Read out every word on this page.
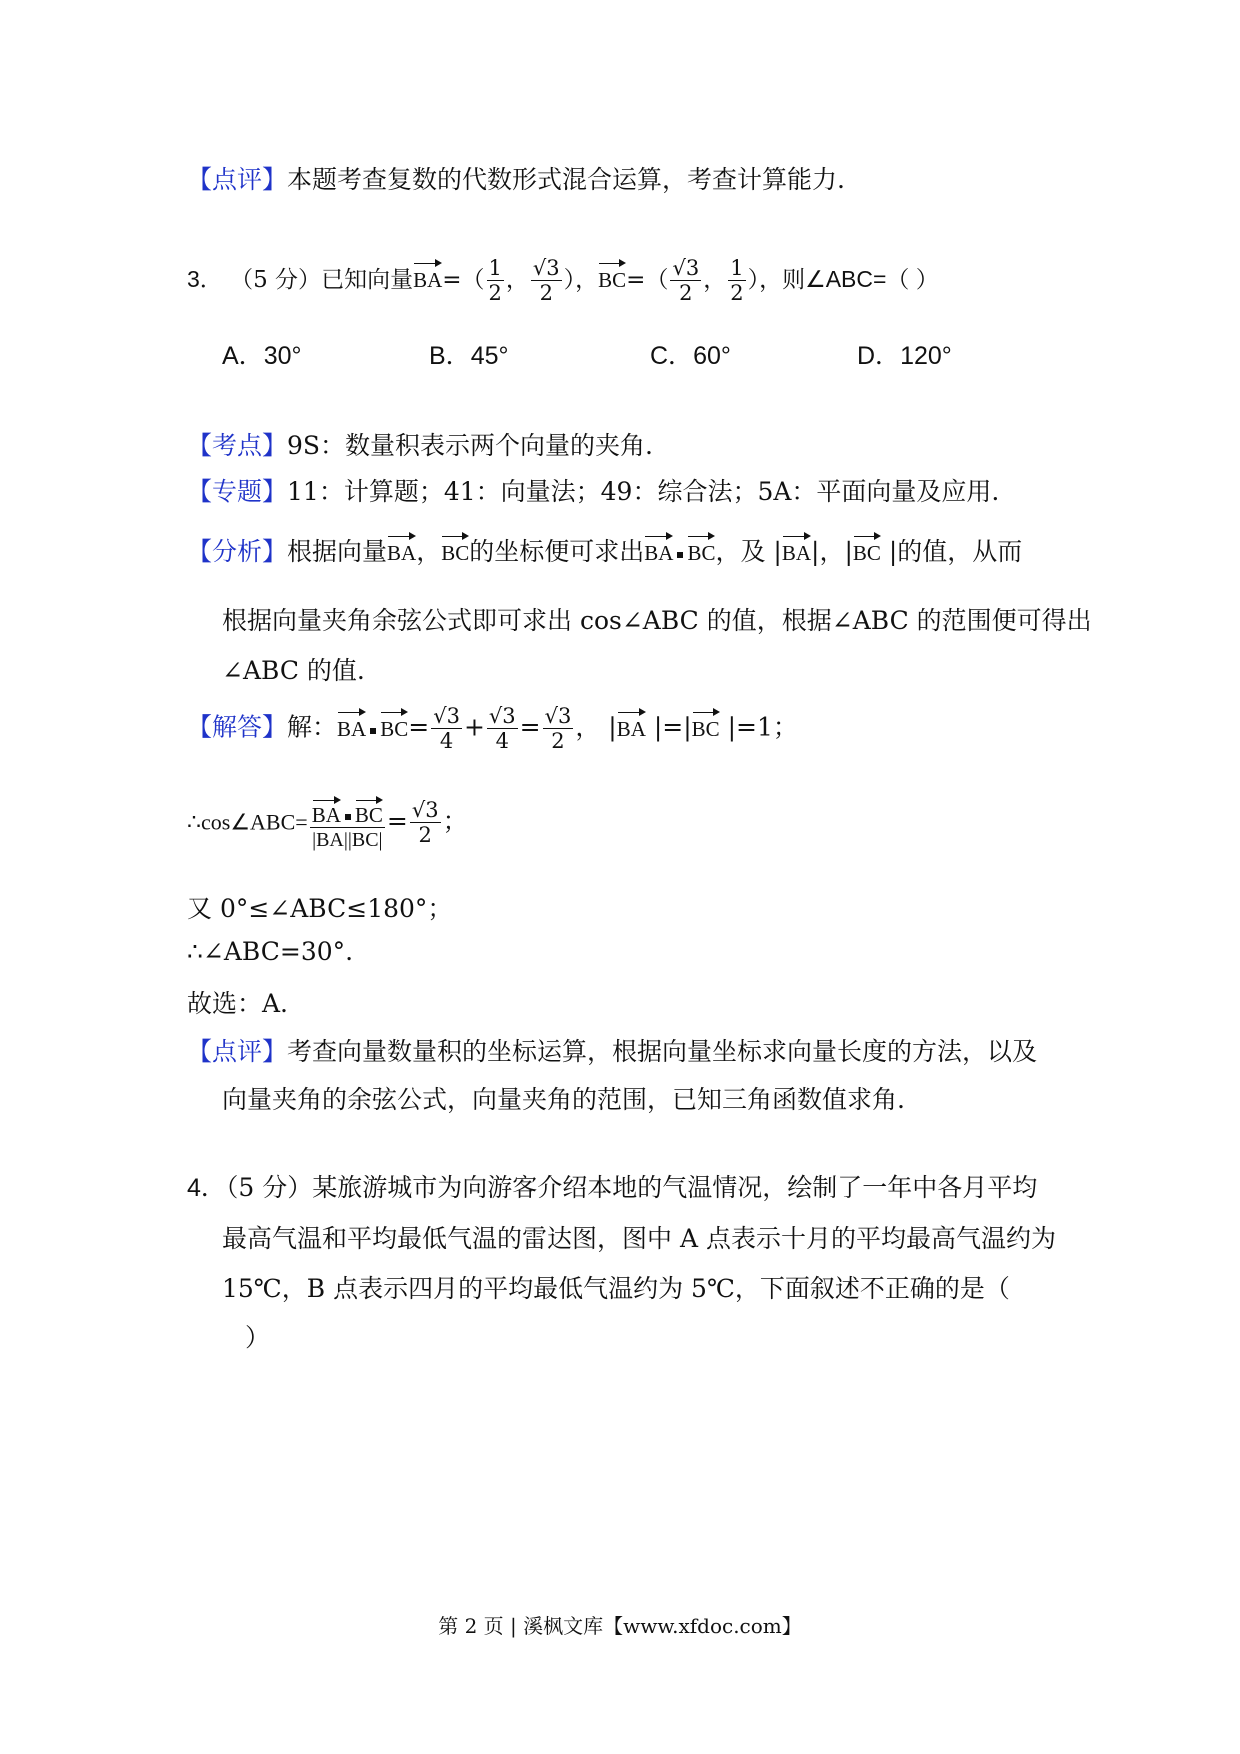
【点评】本题考查复数的代数形式混合运算，考查计算能力.
3． （5 分）已知向量$BA=( \frac{1}{2}$ ， $\frac{√3}{2}$ ），$BC=( \frac{√3}{2}$ ， $\frac{1}{2}$ ），则∠ABC=（ ）
A．30°	B．45°	C．60°	D．120°
【考点】9S：数量积表示两个向量的夹角.
【专题】11：计算题；41：向量法；49：综合法；5A：平面向量及应用.
【分析】根据向量BA，BC的坐标便可求出BA BC，及 |BA|，|BC |的值，从而
根据向量夹角余弦公式即可求出 cos∠ABC 的值，根据∠ABC 的范围便可得出
∠ABC 的值.
【解答】解：BA $BC= \frac{√3}{4} + \frac{√3}{4} = \frac{√3}{2}$ ， |BA |=|BC |=1；
∴cos∠ABC= $\frac{\text{BA BC}}{|BA||BC|} = \frac{√3}{2}$ ；
又 0°≤∠ABC≤180°；
∴∠ABC=30°.
故选：A.
【点评】考查向量数量积的坐标运算，根据向量坐标求向量长度的方法，以及
向量夹角的余弦公式，向量夹角的范围，已知三角函数值求角.
4．（5 分）某旅游城市为向游客介绍本地的气温情况，绘制了一年中各月平均
最高气温和平均最低气温的雷达图，图中 A 点表示十月的平均最高气温约为
15℃，B 点表示四月的平均最低气温约为 5℃，下面叙述不正确的是（
）
第 2 页 | 溪枫文库【www.xfdoc.com】
